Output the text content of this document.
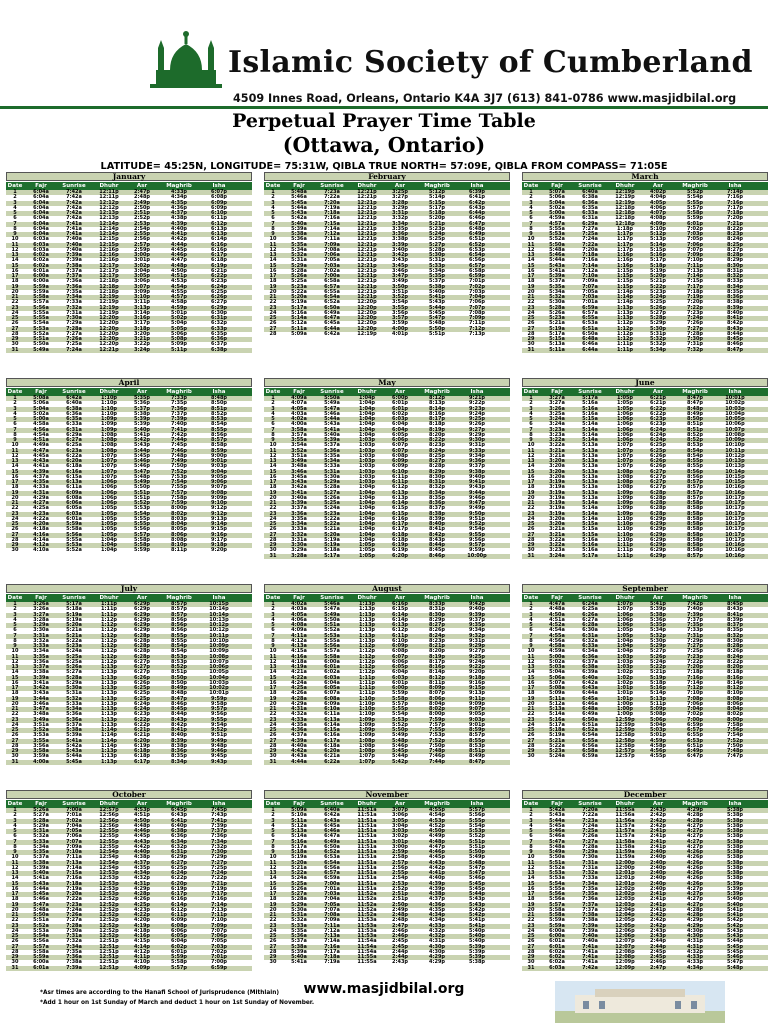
Islamic Society of Cumberland
4509 Innes Road, Orleans, Ontario K4A 3J7 (613) 841-0786 www.masjidbilal.org
Perpetual Prayer Time Table
(Ottawa, Ontario)
LATITUDE= 45:25N, LONGITUDE= 75:31W, QIBLA TRUE NORTH= 57:09E, QIBLA FROM COMPASS= 71:05E
January
Date	Fajr	Sunrise	Dhuhr	Asr	Maghrib	Isha
1	6:04a	7:42a	12:11p	2:47p	4:33p	6:07p
2	6:04a	7:42a	12:11p	2:48p	4:34p	6:08p
3	6:04a	7:42a	12:12p	2:49p	4:35p	6:09p
4	6:04a	7:42a	12:12p	2:50p	4:36p	6:09p
5	6:04a	7:42a	12:13p	2:51p	4:37p	6:10p
6	6:04a	7:42a	12:13p	2:52p	4:38p	6:11p
7	6:04a	7:41a	12:14p	2:53p	4:39p	6:12p
8	6:04a	7:41a	12:14p	2:54p	4:40p	6:13p
9	6:04a	7:41a	12:14p	2:55p	4:41p	6:13p
10	6:03a	7:40a	12:15p	2:56p	4:42p	6:14p
11	6:03a	7:40a	12:15p	2:57p	4:44p	6:16p
12	6:03a	7:40a	12:16p	2:59p	4:45p	6:16p
13	6:02a	7:39a	12:16p	3:00p	4:46p	6:17p
14	6:02a	7:39a	12:16p	3:01p	4:47p	6:18p
15	6:02a	7:38a	12:17p	3:02p	4:48p	6:19p
16	6:01a	7:37a	12:17p	3:04p	4:50p	6:21p
17	6:00a	7:37a	12:17p	3:05p	4:51p	6:22p
18	6:00a	7:36a	12:18p	3:06p	4:53p	6:23p
19	5:59a	7:36a	12:18p	3:07p	4:54p	6:24p
20	5:59a	7:35a	12:18p	3:09p	4:55p	6:25p
21	5:58a	7:34a	12:19p	3:10p	4:57p	6:26p
22	5:57a	7:33a	12:19p	3:11p	4:58p	6:27p
23	5:56a	7:32a	12:19p	3:13p	4:59p	6:29p
24	5:55a	7:31a	12:19p	3:14p	5:01p	6:30p
25	5:55a	7:30a	12:20p	3:16p	5:02p	6:31p
26	5:54a	7:29a	12:20p	3:17p	5:04p	6:32p
27	5:53a	7:28a	12:20p	3:18p	5:05p	6:33p
28	5:52a	7:27a	12:20p	3:20p	5:06p	6:35p
29	5:51a	7:26a	12:20p	3:21p	5:08p	6:36p
30	5:50a	7:25a	12:20p	3:22p	5:09p	6:37p
31	5:49a	7:24a	12:21p	3:24p	5:11p	6:38p
February
Date	Fajr	Sunrise	Dhuhr	Asr	Maghrib	Isha
1	5:48a	7:23a	12:21p	3:25p	5:12p	6:39p
2	5:46a	7:22a	12:21p	3:27p	5:14p	6:41p
3	5:45a	7:20a	12:21p	3:28p	5:15p	6:42p
4	5:44a	7:19a	12:21p	3:29p	5:17p	6:43p
5	5:43a	7:18a	12:21p	3:31p	5:18p	6:44p
6	5:42a	7:16a	12:21p	3:32p	5:20p	6:46p
7	5:40a	7:15a	12:21p	3:34p	5:21p	6:47p
8	5:39a	7:14a	12:21p	3:35p	5:23p	6:48p
9	5:38a	7:12a	12:21p	3:36p	5:24p	6:49p
10	5:36a	7:11a	12:21p	3:38p	5:25p	6:51p
11	5:35a	7:09a	12:21p	3:39p	5:27p	6:52p
12	5:34a	7:08a	12:21p	3:40p	5:28p	6:53p
13	5:32a	7:06a	12:21p	3:42p	5:30p	6:54p
14	5:31a	7:05a	12:21p	3:43p	5:31p	6:56p
15	5:29a	7:03a	12:21p	3:45p	5:33p	6:57p
16	5:28a	7:02a	12:21p	3:46p	5:34p	6:58p
17	5:26a	7:00a	12:21p	3:47p	5:35p	6:59p
18	5:25a	6:58a	12:21p	3:49p	5:37p	7:01p
19	5:23a	6:57a	12:21p	3:50p	5:38p	7:02p
20	5:22a	6:55a	12:21p	3:51p	5:40p	7:03p
21	5:20a	6:54a	12:21p	3:52p	5:41p	7:04p
22	5:19a	6:52a	12:20p	3:54p	5:43p	7:06p
23	5:17a	6:50a	12:20p	3:55p	5:44p	7:07p
24	5:16a	6:49a	12:20p	3:56p	5:45p	7:08p
25	5:14a	6:47a	12:20p	3:57p	5:47p	7:09p
26	5:12a	6:45a	12:20p	3:59p	5:48p	7:11p
27	5:11a	6:44a	12:20p	4:00p	5:50p	7:12p
28	5:09a	6:42a	12:19p	4:01p	5:51p	7:13p
March
Date	Fajr	Sunrise	Dhuhr	Asr	Maghrib	Isha
1	5:07a	6:40a	12:19p	4:02p	5:52p	7:14p
2	5:06a	6:38a	12:19p	4:04p	5:54p	7:16p
3	5:04a	6:36a	12:19p	4:05p	5:55p	7:16p
4	5:02a	6:35a	12:18p	4:06p	5:57p	7:17p
5	5:00a	6:33a	12:18p	4:07p	5:58p	7:18p
6	4:59a	6:31a	12:18p	4:08p	5:59p	7:20p
7	4:57a	6:29a	12:18p	4:09p	6:01p	7:21p
8	5:55a	7:27a	1:18p	5:10p	7:02p	8:22p
9	5:53a	7:25a	1:17p	5:12p	7:03p	8:23p
10	5:52a	7:24a	1:17p	5:13p	7:05p	8:24p
11	5:50a	7:22a	1:17p	5:14p	7:06p	8:25p
12	5:48a	7:20a	1:17p	5:15p	7:07p	8:27p
13	5:46a	7:18a	1:16p	5:16p	7:09p	8:28p
14	5:44a	7:16a	1:16p	5:17p	7:10p	8:29p
15	5:43a	7:14a	1:16p	5:18p	7:11p	8:30p
16	5:41a	7:12a	1:15p	5:19p	7:13p	8:31p
17	5:39a	7:10a	1:15p	5:20p	7:14p	8:32p
18	5:37a	7:09a	1:15p	5:21p	7:15p	8:33p
19	5:35a	7:07a	1:15p	5:22p	7:17p	8:34p
20	5:34a	7:05a	1:14p	5:23p	7:18p	8:35p
21	5:32a	7:03a	1:14p	5:24p	7:19p	8:36p
22	5:30a	7:01a	1:14p	5:25p	7:20p	8:38p
23	5:28a	6:59a	1:13p	5:26p	7:22p	8:39p
24	5:26a	6:57a	1:13p	5:27p	7:23p	8:40p
25	5:23a	6:55a	1:13p	5:28p	7:24p	8:41p
26	5:21a	6:53a	1:12p	5:29p	7:26p	8:42p
27	5:19a	6:51a	1:12p	5:30p	7:27p	8:43p
28	5:17a	6:50a	1:12p	5:31p	7:28p	8:44p
29	5:15a	6:48a	1:12p	5:32p	7:30p	8:45p
30	5:13a	6:46a	1:11p	5:32p	7:31p	8:46p
31	5:11a	6:44a	1:11p	5:34p	7:32p	8:47p
April
Date	Fajr	Sunrise	Dhuhr	Asr	Maghrib	Isha
1	5:08a	6:42a	1:10p	5:35p	7:33p	8:48p
2	5:06a	6:40a	1:10p	5:36p	7:35p	8:50p
3	5:04a	6:38a	1:10p	5:37p	7:36p	8:51p
4	5:02a	6:36a	1:10p	5:38p	7:37p	8:52p
5	5:00a	6:35a	1:09p	5:39p	7:39p	8:53p
6	4:58a	6:33a	1:09p	5:39p	7:40p	8:54p
7	4:56a	6:31a	1:09p	5:40p	7:41p	8:55p
8	4:54a	6:29a	1:08p	5:41p	7:42p	8:56p
9	4:51a	6:27a	1:08p	5:42p	7:44p	8:57p
10	4:49a	6:25a	1:08p	5:43p	7:45p	8:58p
11	4:47a	6:23a	1:08p	5:44p	7:46p	8:59p
12	4:45a	6:22a	1:07p	5:45p	7:48p	9:00p
13	4:43a	6:20a	1:07p	5:46p	7:49p	9:01p
14	4:41a	6:18a	1:07p	5:46p	7:50p	9:03p
15	4:39a	6:16a	1:07p	5:47p	7:52p	9:04p
16	4:37a	6:15a	1:07p	5:48p	7:53p	9:05p
17	4:35a	6:13a	1:06p	5:49p	7:54p	9:06p
18	4:33a	6:11a	1:06p	5:50p	7:55p	9:07p
19	4:31a	6:09a	1:06p	5:51p	7:57p	9:08p
20	4:29a	6:08a	1:06p	5:51p	7:58p	9:09p
21	4:27a	6:06a	1:06p	5:52p	7:59p	9:10p
22	4:25a	6:05a	1:05p	5:53p	8:00p	9:12p
23	4:23a	6:03a	1:05p	5:54p	8:02p	9:12p
24	4:22a	6:01a	1:05p	5:55p	8:03p	9:13p
25	4:20a	5:59a	1:05p	5:55p	8:04p	9:14p
26	4:18a	5:58a	1:05p	5:56p	8:05p	9:15p
27	4:16a	5:56a	1:05p	5:57p	8:06p	9:16p
28	4:14a	5:55a	1:04p	5:58p	8:08p	9:17p
29	4:12a	5:53a	1:04p	5:58p	8:10p	9:18p
30	4:10a	5:52a	1:04p	5:59p	8:11p	9:20p
May
Date	Fajr	Sunrise	Dhuhr	Asr	Maghrib	Isha
1	4:09a	5:50a	1:04p	6:00p	8:12p	9:21p
2	4:07a	5:49a	1:04p	6:01p	8:13p	9:22p
3	4:05a	5:47a	1:04p	6:01p	8:14p	9:23p
4	4:03a	5:46a	1:04p	6:02p	8:16p	9:24p
5	4:02a	5:44a	1:04p	6:03p	8:17p	9:25p
6	4:00a	5:43a	1:04p	6:04p	8:18p	9:26p
7	3:58a	5:41a	1:04p	6:04p	8:19p	9:27p
8	3:57a	5:40a	1:04p	6:05p	8:20p	9:29p
9	3:55a	5:39a	1:03p	6:06p	8:22p	9:30p
10	3:54a	5:37a	1:03p	6:07p	8:23p	9:31p
11	3:52a	5:36a	1:03p	6:07p	8:24p	9:33p
12	3:51a	5:35a	1:03p	6:08p	8:25p	9:34p
13	3:49a	5:34a	1:03p	6:09p	8:27p	9:36p
14	3:48a	5:33a	1:03p	6:09p	8:28p	9:37p
15	3:46a	5:31a	1:03p	6:10p	8:29p	9:38p
16	3:45a	5:30a	1:03p	6:11p	8:30p	9:40p
17	3:43a	5:29a	1:03p	6:11p	8:31p	9:41p
18	3:42a	5:28a	1:04p	6:12p	8:32p	9:43p
19	3:41a	5:27a	1:04p	6:13p	8:34p	9:44p
20	3:40a	5:26a	1:04p	6:13p	8:35p	9:46p
21	3:39a	5:25a	1:04p	6:14p	8:36p	9:47p
22	3:37a	5:24a	1:04p	6:15p	8:37p	9:49p
23	3:36a	5:23a	1:04p	6:15p	8:38p	9:50p
24	3:35a	5:22a	1:04p	6:16p	8:39p	9:51p
25	3:34a	5:22a	1:04p	6:17p	8:40p	9:52p
26	3:33a	5:21a	1:04p	6:17p	8:41p	9:54p
27	3:32a	5:20a	1:04p	6:18p	8:42p	9:55p
28	3:31a	5:19a	1:04p	6:18p	8:43p	9:56p
29	3:30a	5:19a	1:05p	6:19p	8:44p	9:57p
30	3:29a	5:18a	1:05p	6:19p	8:45p	9:59p
31	3:28a	5:17a	1:05p	6:20p	8:46p	10:00p
June
Date	Fajr	Sunrise	Dhuhr	Asr	Maghrib	Isha
1	3:27a	5:17a	1:05p	6:21p	8:47p	10:01p
2	3:27a	5:16a	1:05p	6:21p	8:47p	10:02p
3	3:26a	5:16a	1:05p	6:22p	8:48p	10:03p
4	3:25a	5:16a	1:06p	6:22p	8:49p	10:04p
5	3:24a	5:15a	1:06p	6:23p	8:50p	10:05p
6	3:24a	5:14a	1:06p	6:23p	8:51p	10:06p
7	3:23a	5:14a	1:06p	6:24p	8:51p	10:07p
8	3:23a	5:14a	1:06p	6:24p	8:52p	10:08p
9	3:22a	5:14a	1:06p	6:24p	8:52p	10:09p
10	3:22a	5:13a	1:07p	6:25p	8:53p	10:10p
11	3:21a	5:13a	1:07p	6:25p	8:54p	10:11p
12	3:21a	5:13a	1:07p	6:26p	8:54p	10:12p
13	3:20a	5:13a	1:07p	6:26p	8:55p	10:13p
14	3:20a	5:13a	1:07p	6:26p	8:55p	10:13p
15	3:20a	5:13a	1:08p	6:27p	8:56p	10:14p
16	3:20a	5:13a	1:08p	6:27p	8:56p	10:15p
17	3:19a	5:13a	1:08p	6:27p	8:57p	10:15p
18	3:19a	5:13a	1:08p	6:27p	8:57p	10:16p
19	3:19a	5:13a	1:09p	6:28p	8:57p	10:16p
20	3:19a	5:13a	1:09p	6:28p	8:57p	10:17p
21	3:19a	5:14a	1:09p	6:28p	8:58p	10:17p
22	3:19a	5:14a	1:09p	6:28p	8:58p	10:17p
23	3:19a	5:14a	1:09p	6:28p	8:58p	10:17p
24	3:20a	5:14a	1:10p	6:29p	8:58p	10:17p
25	3:20a	5:15a	1:10p	6:29p	8:58p	10:17p
26	3:21a	5:15a	1:10p	6:29p	8:58p	10:17p
27	3:21a	5:15a	1:10p	6:29p	8:58p	10:17p
28	3:22a	5:16a	1:10p	6:29p	8:58p	10:17p
29	3:22a	5:16a	1:11p	6:29p	8:58p	10:16p
30	3:23a	5:16a	1:11p	6:29p	8:58p	10:16p
31	3:24a	5:17a	1:11p	6:29p	8:57p	10:16p
July
Date	Fajr	Sunrise	Dhuhr	Asr	Maghrib	Isha
1	3:26a	5:17a	1:11p	6:29p	8:57p	10:15p
2	3:26a	5:18a	1:11p	6:29p	8:57p	10:14p
3	3:27a	5:19a	1:11p	6:29p	8:57p	10:14p
4	3:28a	5:19a	1:12p	6:29p	8:56p	10:13p
5	3:29a	5:20a	1:12p	6:29p	8:56p	10:12p
6	3:30a	5:21a	1:12p	6:29p	8:56p	10:12p
7	3:31a	5:21a	1:12p	6:28p	8:55p	10:11p
8	3:32a	5:22a	1:12p	6:28p	8:55p	10:10p
9	3:33a	5:23a	1:12p	6:28p	8:54p	10:09p
10	3:34a	5:24a	1:12p	6:28p	8:54p	10:09p
11	3:35a	5:25a	1:12p	6:28p	8:53p	10:08p
12	3:36a	5:25a	1:12p	6:27p	8:53p	10:07p
13	3:37a	5:26a	1:13p	6:27p	8:52p	10:06p
14	3:38a	5:27a	1:13p	6:27p	8:51p	10:05p
15	3:39a	5:28a	1:13p	6:26p	8:50p	10:04p
16	3:41a	5:29a	1:13p	6:26p	8:50p	10:03p
17	3:42a	5:30a	1:13p	6:25p	8:49p	10:02p
18	3:43a	5:31a	1:13p	6:25p	8:48p	10:01p
19	3:44a	5:32a	1:13p	6:25p	8:47p	9:59p
20	3:46a	5:33a	1:13p	6:24p	8:46p	9:58p
21	3:47a	5:34a	1:13p	6:24p	8:45p	9:57p
22	3:48a	5:36a	1:13p	6:23p	8:44p	9:56p
23	3:49a	5:36a	1:13p	6:22p	8:43p	9:55p
24	3:51a	5:37a	1:13p	6:22p	8:42p	9:54p
25	3:52a	5:38a	1:14p	6:21p	8:41p	9:52p
26	3:53a	5:39a	1:14p	6:21p	8:40p	9:51p
27	3:55a	5:41a	1:14p	6:20p	8:39p	9:49p
28	3:56a	5:42a	1:14p	6:19p	8:38p	9:48p
29	3:58a	5:43a	1:13p	6:18p	8:36p	9:46p
30	3:59a	5:44a	1:13p	6:18p	8:35p	9:45p
31	4:00a	5:45a	1:13p	6:17p	8:34p	9:43p
August
Date	Fajr	Sunrise	Dhuhr	Asr	Maghrib	Isha
1	4:02a	5:46a	1:13p	6:16p	8:33p	9:42p
2	4:03a	5:47a	1:13p	6:15p	8:31p	9:40p
3	4:05a	5:49a	1:13p	6:14p	8:30p	9:39p
4	4:06a	5:50a	1:13p	6:14p	8:29p	9:37p
5	4:08a	5:51a	1:13p	6:13p	8:27p	9:35p
6	4:09a	5:52a	1:13p	6:12p	8:26p	9:34p
7	4:11a	5:53a	1:13p	6:11p	8:24p	9:32p
8	4:12a	5:55a	1:13p	6:10p	8:23p	9:31p
9	4:13a	5:56a	1:12p	6:09p	8:21p	9:29p
10	4:15a	5:57a	1:12p	6:08p	8:20p	9:27p
11	4:16a	5:58a	1:12p	6:07p	8:19p	9:25p
12	4:18a	6:00a	1:12p	6:06p	8:17p	9:24p
13	4:19a	6:01a	1:12p	6:05p	8:16p	9:22p
14	4:21a	6:02a	1:12p	6:04p	8:14p	9:20p
15	4:22a	6:03a	1:11p	6:03p	8:12p	9:18p
16	4:24a	6:04a	1:11p	6:01p	8:11p	9:16p
17	4:25a	6:05a	1:11p	6:00p	8:09p	9:15p
18	4:26a	6:07a	1:11p	5:59p	8:07p	9:13p
19	4:28a	6:08a	1:10p	5:58p	8:06p	9:11p
20	4:29a	6:09a	1:10p	5:57p	8:04p	9:09p
21	4:31a	6:10a	1:10p	5:55p	8:02p	9:07p
22	4:32a	6:11a	1:10p	5:54p	8:00p	9:05p
23	4:33a	6:13a	1:09p	5:53p	7:59p	9:03p
24	4:35a	6:14a	1:09p	5:52p	7:57p	9:01p
25	4:36a	6:15a	1:09p	5:50p	7:55p	8:59p
26	4:37a	6:16a	1:09p	5:49p	7:53p	8:57p
27	4:39a	6:17a	1:08p	5:48p	7:52p	8:55p
28	4:40a	6:18a	1:08p	5:46p	7:50p	8:53p
29	4:42a	6:20a	1:08p	5:45p	7:48p	8:51p
30	4:43a	6:21a	1:07p	5:44p	7:46p	8:49p
31	4:44a	6:22a	1:07p	5:42p	7:44p	8:47p
September
Date	Fajr	Sunrise	Dhuhr	Asr	Maghrib	Isha
1	4:47a	6:24a	1:07p	5:41p	7:42p	8:45p
2	4:48a	6:25a	1:07p	5:39p	7:40p	8:43p
3	4:50a	6:26a	1:06p	5:38p	7:39p	8:41p
4	4:51a	6:27a	1:06p	5:36p	7:37p	8:39p
5	4:52a	6:28a	1:06p	5:35p	7:35p	8:37p
6	4:54a	6:30a	1:05p	5:34p	7:33p	8:35p
7	4:55a	6:31a	1:05p	5:32p	7:31p	8:32p
8	4:56a	6:32a	1:04p	5:30p	7:29p	8:30p
9	4:58a	6:33a	1:04p	5:29p	7:27p	8:28p
10	4:59a	6:34a	1:04p	5:27p	7:25p	8:26p
11	5:00a	6:36a	1:03p	5:26p	7:23p	8:24p
12	5:02a	6:37a	1:03p	5:24p	7:22p	8:22p
13	5:03a	6:38a	1:03p	5:22p	7:20p	8:20p
14	5:04a	6:39a	1:02p	5:21p	7:18p	8:18p
15	5:06a	6:40a	1:02p	5:19p	7:16p	8:16p
16	5:07a	6:42a	1:02p	5:18p	7:14p	8:14p
17	5:08a	6:43a	1:01p	5:16p	7:12p	8:12p
18	5:09a	6:44a	1:01p	5:14p	7:10p	8:10p
19	5:11a	6:45a	1:01p	5:13p	7:08p	8:08p
20	5:12a	6:46a	1:00p	5:11p	7:06p	8:06p
21	5:13a	6:48a	1:00p	5:09p	7:04p	8:04p
22	5:14a	6:49a	1:00p	5:08p	7:02p	8:02p
23	5:16a	6:50a	12:59p	5:06p	7:00p	8:00p
24	5:17a	6:51a	12:59p	5:04p	6:59p	7:58p
25	5:18a	6:52a	12:59p	5:03p	6:57p	7:56p
26	5:19a	6:54a	12:58p	5:01p	6:55p	7:54p
27	5:21a	6:55a	12:58p	4:59p	6:53p	7:52p
28	5:22a	6:56a	12:58p	4:58p	6:51p	7:50p
29	5:23a	6:58a	12:57p	4:56p	6:49p	7:48p
30	5:24a	6:59a	12:57p	4:55p	6:47p	7:47p
October
Date	Fajr	Sunrise	Dhuhr	Asr	Maghrib	Isha
1	5:26a	7:00a	12:57p	4:53p	6:45p	7:45p
2	5:27a	7:01a	12:56p	4:51p	6:43p	7:43p
3	5:28a	7:02a	12:56p	4:50p	6:41p	7:41p
4	5:29a	7:04a	12:56p	4:48p	6:40p	7:39p
5	5:31a	7:05a	12:55p	4:46p	6:38p	7:37p
6	5:32a	7:06a	12:55p	4:45p	6:36p	7:36p
7	5:33a	7:07a	12:55p	4:43p	6:34p	7:34p
8	5:34a	7:09a	12:55p	4:42p	6:32p	7:32p
9	5:35a	7:10a	12:54p	4:40p	6:31p	7:30p
10	5:37a	7:11a	12:54p	4:38p	6:29p	7:29p
11	5:38a	7:13a	12:54p	4:37p	6:27p	7:27p
12	5:39a	7:14a	12:54p	4:35p	6:25p	7:25p
13	5:40a	7:15a	12:53p	4:34p	6:24p	7:24p
14	5:41a	7:16a	12:53p	4:32p	6:22p	7:22p
15	5:43a	7:18a	12:53p	4:31p	6:20p	7:21p
16	5:44a	7:19a	12:53p	4:29p	6:19p	7:19p
17	5:45a	7:20a	12:53p	4:28p	6:17p	7:17p
18	5:46a	7:22a	12:52p	4:26p	6:16p	7:16p
19	5:47a	7:23a	12:52p	4:25p	6:14p	7:14p
20	5:48a	7:24a	12:52p	4:23p	6:12p	7:13p
21	5:50a	7:26a	12:52p	4:22p	6:11p	7:11p
22	5:51a	7:27a	12:52p	4:20p	6:09p	7:10p
23	5:52a	7:28a	12:52p	4:19p	6:08p	7:09p
24	5:53a	7:30a	12:52p	4:18p	6:06p	7:07p
25	5:54a	7:31a	12:52p	4:16p	6:05p	7:06p
26	5:56a	7:32a	12:51p	4:15p	6:04p	7:05p
27	5:57a	7:34a	12:51p	4:14p	6:02p	7:03p
28	5:58a	7:35a	12:51p	4:12p	6:01p	7:02p
29	5:59a	7:36a	12:51p	4:11p	5:59p	7:01p
30	6:00a	7:38a	12:51p	4:10p	5:58p	7:00p
31	6:01a	7:39a	12:51p	4:09p	5:57p	6:59p
November
Date	Fajr	Sunrise	Dhuhr	Asr	Maghrib	Isha
1	5:09a	6:40a	11:51a	3:07p	4:55p	5:57p
2	5:10a	6:42a	11:51a	3:06p	4:54p	5:56p
3	5:11a	6:43a	11:51a	3:05p	4:53p	5:55p
4	5:12a	6:45a	11:51a	3:04p	4:52p	5:54p
5	5:13a	6:46a	11:51a	3:03p	4:50p	5:53p
6	5:14a	6:47a	11:51a	3:02p	4:49p	5:52p
7	5:16a	6:49a	11:51a	3:01p	4:48p	5:51p
8	5:17a	6:50a	11:51a	3:00p	4:47p	5:51p
9	5:18a	6:52a	11:51a	2:59p	4:46p	5:50p
10	5:19a	6:53a	11:51a	2:58p	4:45p	5:49p
11	5:20a	6:54a	11:51a	2:57p	4:43p	5:48p
12	5:21a	6:56a	11:51a	2:56p	4:42p	5:47p
13	5:22a	6:57a	11:51a	2:55p	4:41p	5:47p
14	5:24a	6:59a	11:51a	2:54p	4:40p	5:46p
15	5:25a	7:00a	11:51a	2:53p	4:39p	5:45p
16	5:26a	7:01a	11:51a	2:52p	4:39p	5:45p
17	5:27a	7:03a	11:52a	2:51p	4:38p	5:44p
18	5:28a	7:04a	11:52a	2:51p	4:37p	5:43p
19	5:29a	7:05a	11:52a	2:50p	4:36p	5:43p
20	5:30a	7:07a	11:52a	2:49p	4:35p	5:42p
21	5:31a	7:08a	11:52a	2:48p	4:34p	5:42p
22	5:32a	7:09a	11:53a	2:48p	4:34p	5:41p
23	5:33a	7:11a	11:53a	2:47p	4:33p	5:41p
24	5:35a	7:12a	11:53a	2:46p	4:32p	5:40p
25	5:36a	7:13a	11:53a	2:46p	4:32p	5:40p
26	5:37a	7:14a	11:54a	2:45p	4:31p	5:40p
27	5:38a	7:16a	11:54a	2:45p	4:30p	5:39p
28	5:39a	7:17a	11:54a	2:44p	4:30p	5:39p
29	5:40a	7:18a	11:55a	2:44p	4:29p	5:39p
30	5:41a	7:19a	11:55a	2:43p	4:29p	5:38p
December
Date	Fajr	Sunrise	Dhuhr	Asr	Maghrib	Isha
1	5:42a	7:20a	11:55a	2:43p	4:29p	5:38p
2	5:43a	7:22a	11:56a	2:42p	4:28p	5:38p
3	5:44a	7:23a	11:56a	2:42p	4:28p	5:38p
4	5:45a	7:24a	11:57a	2:42p	4:27p	5:38p
5	5:46a	7:25a	11:57a	2:41p	4:27p	5:38p
6	5:46a	7:26a	11:57a	2:41p	4:27p	5:38p
7	5:47a	7:27a	11:58a	2:41p	4:27p	5:38p
8	5:48a	7:28a	11:58a	2:41p	4:27p	5:38p
9	5:49a	7:29a	11:59a	2:40p	4:26p	5:38p
10	5:50a	7:30a	11:59a	2:40p	4:26p	5:38p
11	5:51a	7:31a	12:00p	2:40p	4:26p	5:38p
12	5:52a	7:31a	12:00p	2:40p	4:26p	5:38p
13	5:53a	7:32a	12:01p	2:40p	4:26p	5:38p
14	5:53a	7:33a	12:01p	2:40p	4:26p	5:38p
15	5:54a	7:34a	12:01p	2:40p	4:26p	5:39p
16	5:55a	7:35a	12:02p	2:40p	4:27p	5:39p
17	5:56a	7:35a	12:02p	2:41p	4:27p	5:39p
18	5:56a	7:36a	12:03p	2:41p	4:27p	5:40p
19	5:57a	7:37a	12:03p	2:41p	4:27p	5:40p
20	5:58a	7:37a	12:04p	2:41p	4:28p	5:41p
21	5:58a	7:38a	12:04p	2:42p	4:28p	5:41p
22	5:59a	7:38a	12:05p	2:42p	4:29p	5:42p
23	5:59a	7:39a	12:05p	2:42p	4:29p	5:42p
24	6:00a	7:39a	12:06p	2:43p	4:30p	5:43p
25	6:00a	7:40a	12:06p	2:43p	4:30p	5:43p
26	6:01a	7:40a	12:07p	2:44p	4:31p	5:44p
27	6:01a	7:41a	12:07p	2:44p	4:31p	5:45p
28	6:02a	7:41a	12:08p	2:45p	4:32p	5:45p
29	6:02a	7:41a	12:08p	2:45p	4:33p	5:46p
30	6:02a	7:41a	12:09p	2:46p	4:33p	5:47p
31	6:03a	7:42a	12:09p	2:47p	4:34p	5:48p
*Asr times are according to the Hanafi School of Jurisprudence (Mithlain)
*Add 1 hour on 1st Sunday of March and deduct 1 hour on 1st Sunday of November.
www.masjidbilal.org
